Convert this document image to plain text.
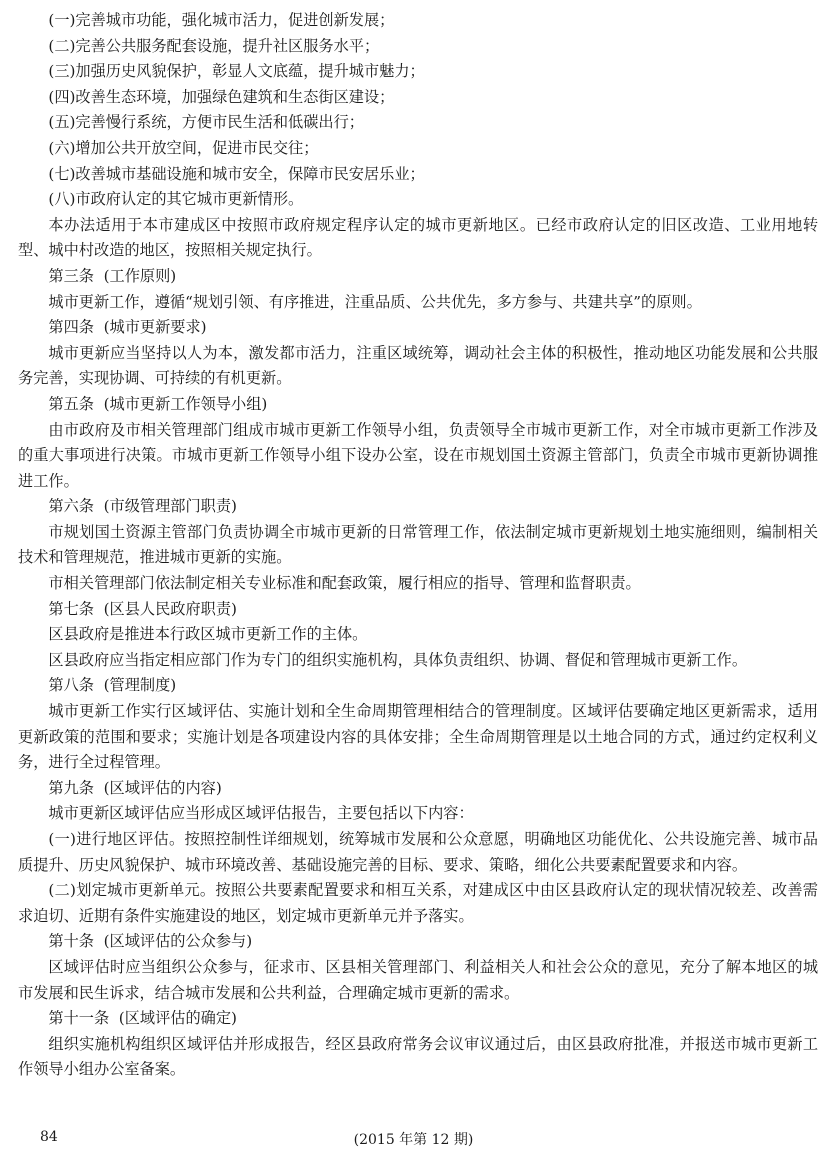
(一)完善城市功能，强化城市活力，促进创新发展；
(二)完善公共服务配套设施，提升社区服务水平；
(三)加强历史风貌保护，彰显人文底蕴，提升城市魅力；
(四)改善生态环境，加强绿色建筑和生态街区建设；
(五)完善慢行系统，方便市民生活和低碳出行；
(六)增加公共开放空间，促进市民交往；
(七)改善城市基础设施和城市安全，保障市民安居乐业；
(八)市政府认定的其它城市更新情形。
本办法适用于本市建成区中按照市政府规定程序认定的城市更新地区。已经市政府认定的旧区改造、工业用地转型、城中村改造的地区，按照相关规定执行。
第三条  (工作原则)
城市更新工作，遵循“规划引领、有序推进，注重品质、公共优先，多方参与、共建共享”的原则。
第四条  (城市更新要求)
城市更新应当坚持以人为本，激发都市活力，注重区域统筹，调动社会主体的积极性，推动地区功能发展和公共服务完善，实现协调、可持续的有机更新。
第五条  (城市更新工作领导小组)
由市政府及市相关管理部门组成市城市更新工作领导小组，负责领导全市城市更新工作，对全市城市更新工作涉及的重大事项进行决策。市城市更新工作领导小组下设办公室，设在市规划国土资源主管部门，负责全市城市更新协调推进工作。
第六条  (市级管理部门职责)
市规划国土资源主管部门负责协调全市城市更新的日常管理工作，依法制定城市更新规划土地实施细则，编制相关技术和管理规范，推进城市更新的实施。
市相关管理部门依法制定相关专业标准和配套政策，履行相应的指导、管理和监督职责。
第七条  (区县人民政府职责)
区县政府是推进本行政区城市更新工作的主体。
区县政府应当指定相应部门作为专门的组织实施机构，具体负责组织、协调、督促和管理城市更新工作。
第八条  (管理制度)
城市更新工作实行区域评估、实施计划和全生命周期管理相结合的管理制度。区域评估要确定地区更新需求，适用更新政策的范围和要求；实施计划是各项建设内容的具体安排；全生命周期管理是以土地合同的方式，通过约定权利义务，进行全过程管理。
第九条  (区域评估的内容)
城市更新区域评估应当形成区域评估报告，主要包括以下内容：
(一)进行地区评估。按照控制性详细规划，统筹城市发展和公众意愿，明确地区功能优化、公共设施完善、城市品质提升、历史风貌保护、城市环境改善、基础设施完善的目标、要求、策略，细化公共要素配置要求和内容。
(二)划定城市更新单元。按照公共要素配置要求和相互关系，对建成区中由区县政府认定的现状情况较差、改善需求迫切、近期有条件实施建设的地区，划定城市更新单元并予落实。
第十条  (区域评估的公众参与)
区域评估时应当组织公众参与，征求市、区县相关管理部门、利益相关人和社会公众的意见，充分了解本地区的城市发展和民生诉求，结合城市发展和公共利益，合理确定城市更新的需求。
第十一条  (区域评估的确定)
组织实施机构组织区域评估并形成报告，经区县政府常务会议审议通过后，由区县政府批准，并报送市城市更新工作领导小组办公室备案。
84	(2015 年第 12 期)
